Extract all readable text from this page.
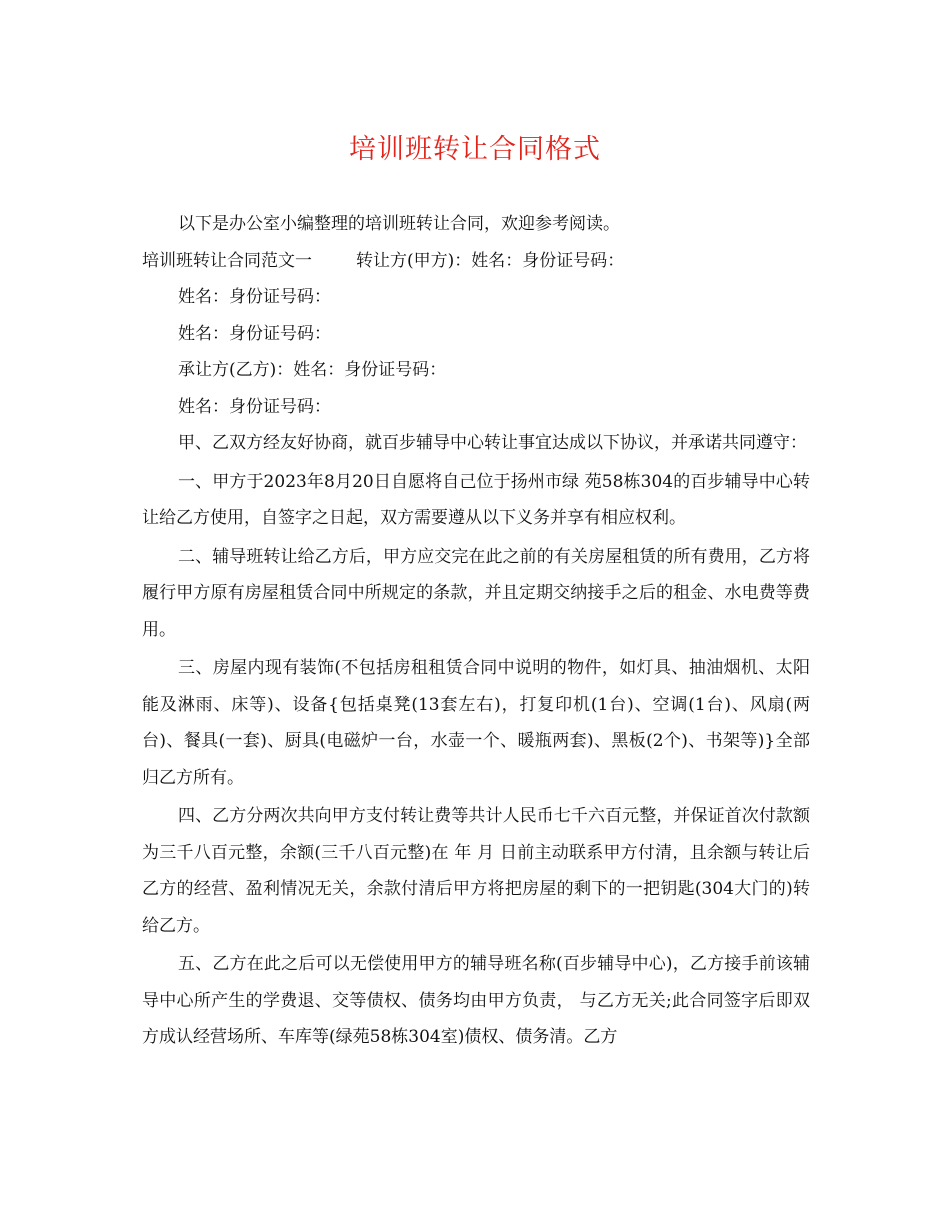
培训班转让合同格式

以下是办公室小编整理的培训班转让合同，欢迎参考阅读。

培训班转让合同范文一	转让方(甲方)：姓名：身份证号码：

姓名：身份证号码：

姓名：身份证号码：

承让方(乙方)：姓名：身份证号码：

姓名：身份证号码：

甲、乙双方经友好协商，就百步辅导中心转让事宜达成以下协议，并承诺共同遵守：

一、甲方于2023年8月20日自愿将自己位于扬州市绿 苑58栋304的百步辅导中心转让给乙方使用，自签字之日起，双方需要遵从以下义务并享有相应权利。

二、辅导班转让给乙方后，甲方应交完在此之前的有关房屋租赁的所有费用，乙方将履行甲方原有房屋租赁合同中所规定的条款，并且定期交纳接手之后的租金、水电费等费用。

三、房屋内现有装饰(不包括房租租赁合同中说明的物件，如灯具、抽油烟机、太阳能及淋雨、床等)、设备{包括桌凳(13套左右)，打复印机(1台)、空调(1台)、风扇(两台)、餐具(一套)、厨具(电磁炉一台，水壶一个、暖瓶两套)、黑板(2个)、书架等)}全部归乙方所有。

四、乙方分两次共向甲方支付转让费等共计人民币七千六百元整，并保证首次付款额为三千八百元整，余额(三千八百元整)在 年 月 日前主动联系甲方付清，且余额与转让后乙方的经营、盈利情况无关，余款付清后甲方将把房屋的剩下的一把钥匙(304大门的)转给乙方。

五、乙方在此之后可以无偿使用甲方的辅导班名称(百步辅导中心)，乙方接手前该辅导中心所产生的学费退、交等债权、债务均由甲方负责， 与乙方无关;此合同签字后即双方成认经营场所、车库等(绿苑58栋304室)债权、债务清。乙方
